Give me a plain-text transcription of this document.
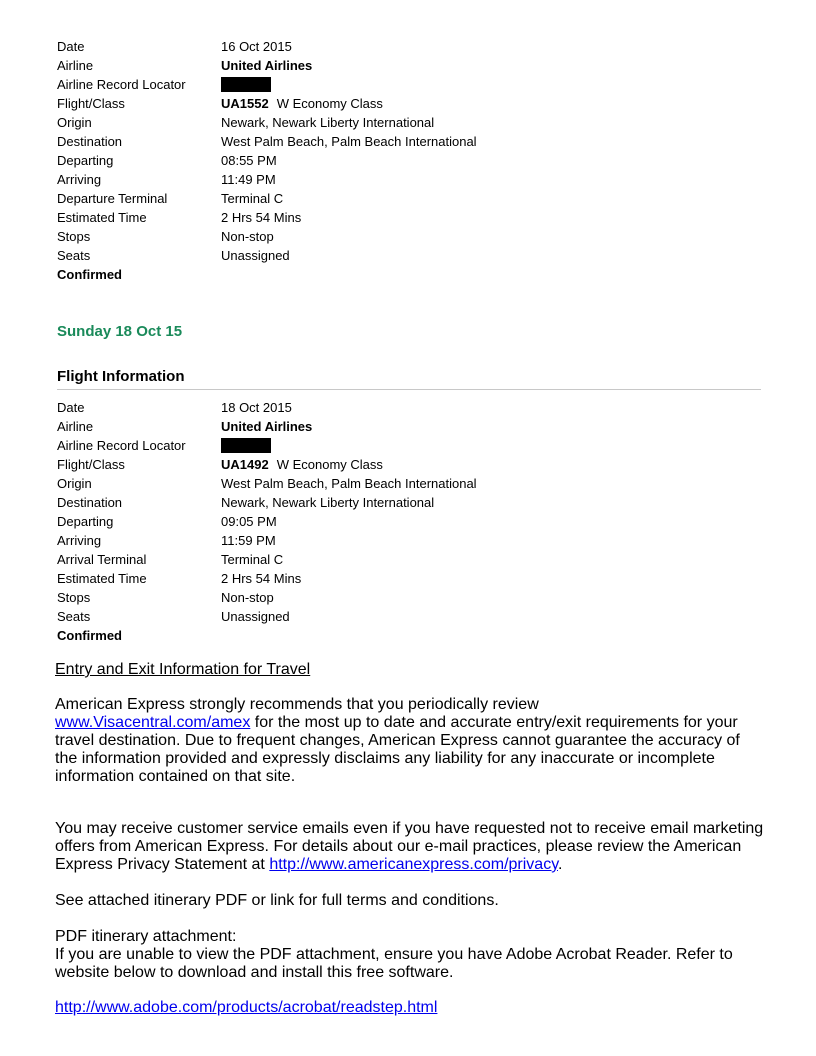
Date	16 Oct 2015
Airline	United Airlines
Airline Record Locator
Flight/Class	UA1552 W Economy Class
Origin	Newark, Newark Liberty International
Destination	West Palm Beach, Palm Beach International
Departing	08:55 PM
Arriving	11:49 PM
Departure Terminal	Terminal C
Estimated Time	2 Hrs 54 Mins
Stops	Non-stop
Seats	Unassigned
Confirmed
Sunday 18 Oct 15
Flight Information
Date	18 Oct 2015
Airline	United Airlines
Airline Record Locator
Flight/Class	UA1492 W Economy Class
Origin	West Palm Beach, Palm Beach International
Destination	Newark, Newark Liberty International
Departing	09:05 PM
Arriving	11:59 PM
Arrival Terminal	Terminal C
Estimated Time	2 Hrs 54 Mins
Stops	Non-stop
Seats	Unassigned
Confirmed
Entry and Exit Information for Travel

American Express strongly recommends that you periodically review
www.Visacentral.com/amex for the most up to date and accurate entry/exit requirements for your travel destination. Due to frequent changes, American Express cannot guarantee the accuracy of the information provided and expressly disclaims any liability for any inaccurate or incomplete information contained on that site.

You may receive customer service emails even if you have requested not to receive email marketing offers from American Express. For details about our e-mail practices, please review the American Express Privacy Statement at http://www.americanexpress.com/privacy.

See attached itinerary PDF or link for full terms and conditions.

PDF itinerary attachment:

If you are unable to view the PDF attachment, ensure you have Adobe Acrobat Reader. Refer to website below to download and install this free software.

http://www.adobe.com/products/acrobat/readstep.html
